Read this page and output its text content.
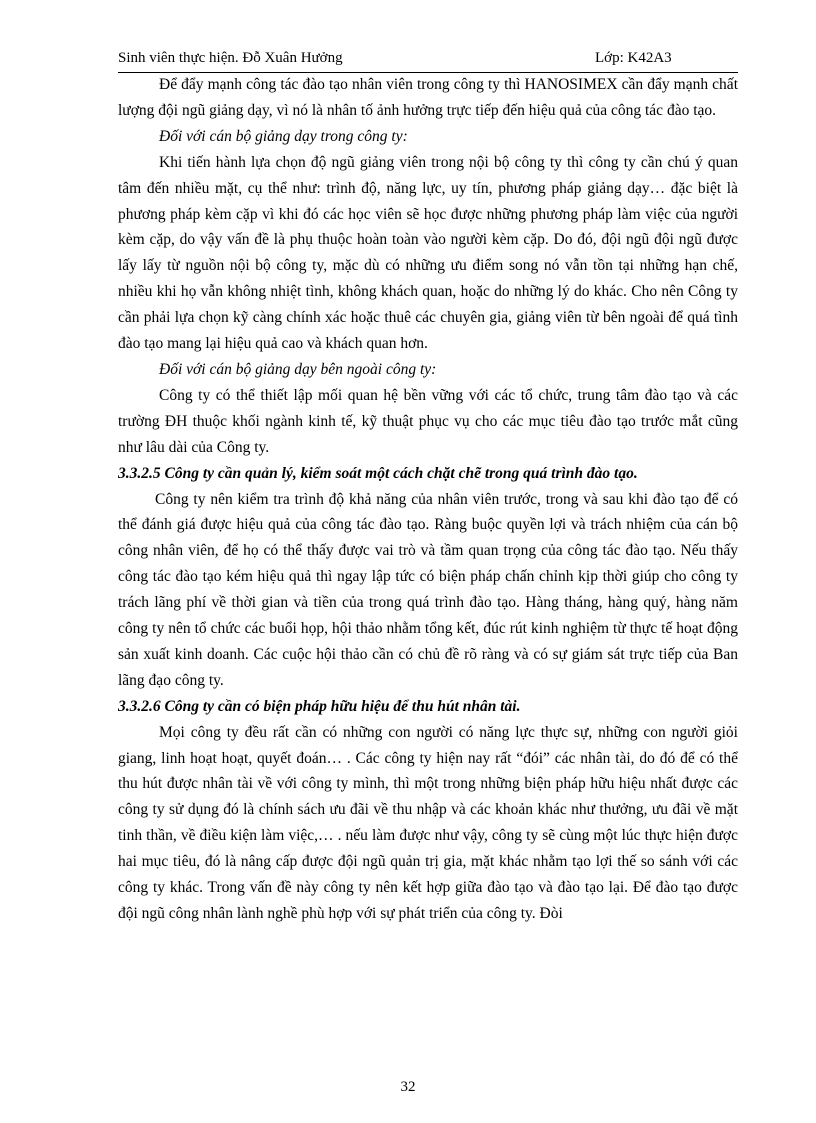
Sinh viên thực hiện. Đỗ Xuân Hưởng	Lớp: K42A3

Để đẩy mạnh công tác đào tạo nhân viên trong công ty thì HANOSIMEX cần đẩy mạnh chất lượng đội ngũ giảng dạy, vì nó là nhân tố ảnh hưởng trực tiếp đến hiệu quả của công tác đào tạo.

Đối với cán bộ giảng dạy trong công ty:

Khi tiến hành lựa chọn độ ngũ giảng viên trong nội bộ công ty thì công ty cần chú ý quan tâm đến nhiều mặt, cụ thể như: trình độ, năng lực, uy tín, phương pháp giảng dạy… đặc biệt là phương pháp kèm cặp vì khi đó các học viên sẽ học được những phương pháp làm việc của người kèm cặp, do vậy vấn đề là phụ thuộc hoàn toàn vào người kèm cặp. Do đó, đội ngũ đội ngũ được lấy lấy từ nguồn nội bộ công ty, mặc dù có những ưu điểm song nó vẫn tồn tại những hạn chế, nhiều khi họ vẫn không nhiệt tình, không khách quan, hoặc do những lý do khác. Cho nên Công ty cần phải lựa chọn kỹ càng chính xác hoặc thuê các chuyên gia, giảng viên từ bên ngoài để quá tình đào tạo mang lại hiệu quả cao và khách quan hơn.

Đối với cán bộ giảng dạy bên ngoài công ty:

Công ty có thể thiết lập mối quan hệ bền vững với các tổ chức, trung tâm đào tạo và các trường ĐH thuộc khối ngành kinh tế, kỹ thuật phục vụ cho các mục tiêu đào tạo trước mắt cũng như lâu dài của Công ty.

3.3.2.5 Công ty cần quản lý, kiểm soát một cách chặt chẽ trong quá trình đào tạo.

Công ty nên kiểm tra trình độ khả năng của nhân viên trước, trong và sau khi đào tạo để có thể đánh giá được hiệu quả của công tác đào tạo. Ràng buộc quyền lợi và trách nhiệm của cán bộ công nhân viên, để họ có thể thấy được vai trò và tầm quan trọng của công tác đào tạo. Nếu thấy công tác đào tạo kém hiệu quả thì ngay lập tức có biện pháp chấn chỉnh kịp thời giúp cho công ty trách lãng phí về thời gian và tiền của trong quá trình đào tạo. Hàng tháng, hàng quý, hàng năm công ty nên tổ chức các buổi họp, hội thảo nhằm tổng kết, đúc rút kinh nghiệm từ thực tế hoạt động sản xuất kinh doanh. Các cuộc hội thảo cần có chủ đề rõ ràng và có sự giám sát trực tiếp của Ban lãng đạo công ty.

3.3.2.6 Công ty cần có biện pháp hữu hiệu để thu hút nhân tài.

Mọi công ty đều rất cần có những con người có năng lực thực sự, những con người giỏi giang, linh hoạt hoạt, quyết đoán… . Các công ty hiện nay rất “đói” các nhân tài, do đó để có thể thu hút được nhân tài về với công ty mình, thì một trong những biện pháp hữu hiệu nhất được các công ty sử dụng đó là chính sách ưu đãi về thu nhập và các khoản khác như thưởng, ưu đãi về mặt tinh thần, về điều kiện làm việc,… . nếu làm được như vậy, công ty sẽ cùng một lúc thực hiện được hai mục tiêu, đó là nâng cấp được đội ngũ quản trị gia, mặt khác nhằm tạo lợi thế so sánh với các công ty khác. Trong vấn đề này công ty nên kết hợp giữa đào tạo và đào tạo lại. Để đào tạo được đội ngũ công nhân lành nghề phù hợp với sự phát triển của công ty. Đòi

32
